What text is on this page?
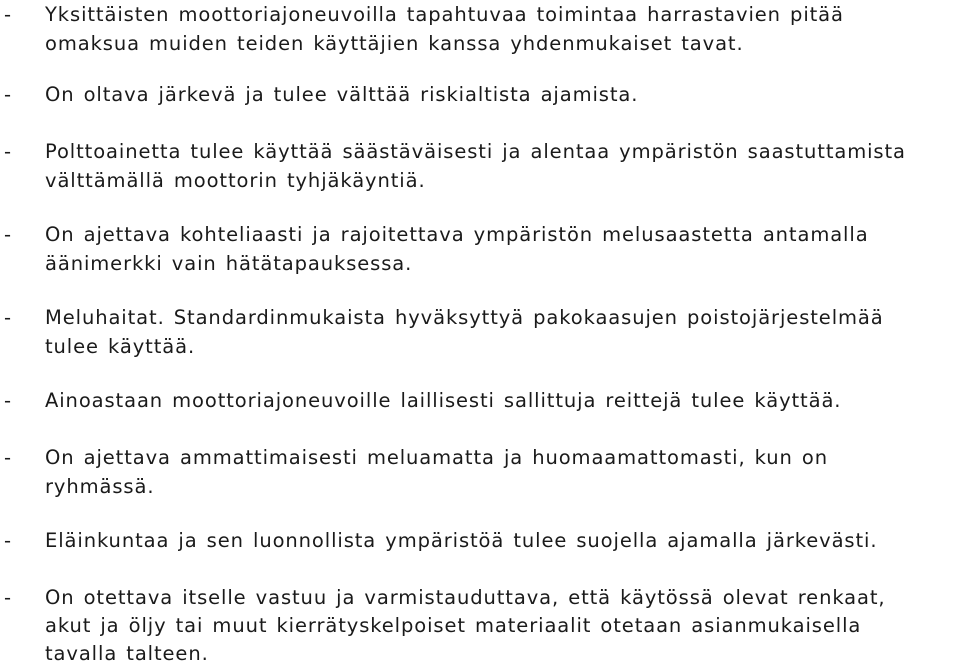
- Yksittäisten moottoriajoneuvoilla tapahtuvaa toimintaa harrastavien pitää
omaksua muiden teiden käyttäjien kanssa yhdenmukaiset tavat.
- On oltava järkevä ja tulee välttää riskialtista ajamista.
- Polttoainetta tulee käyttää säästäväisesti ja alentaa ympäristön saastuttamista
välttämällä moottorin tyhjäkäyntiä.
- On ajettava kohteliaasti ja rajoitettava ympäristön melusaastetta antamalla
äänimerkki vain hätätapauksessa.
- Meluhaitat. Standardinmukaista hyväksyttyä pakokaasujen poistojärjestelmää
tulee käyttää.
- Ainoastaan moottoriajoneuvoille laillisesti sallittuja reittejä tulee käyttää.
- On ajettava ammattimaisesti meluamatta ja huomaamattomasti, kun on
ryhmässä.
- Eläinkuntaa ja sen luonnollista ympäristöä tulee suojella ajamalla järkevästi.
- On otettava itselle vastuu ja varmistauduttava, että käytössä olevat renkaat,
akut ja öljy tai muut kierrätyskelpoiset materiaalit otetaan asianmukaisella
tavalla talteen.
